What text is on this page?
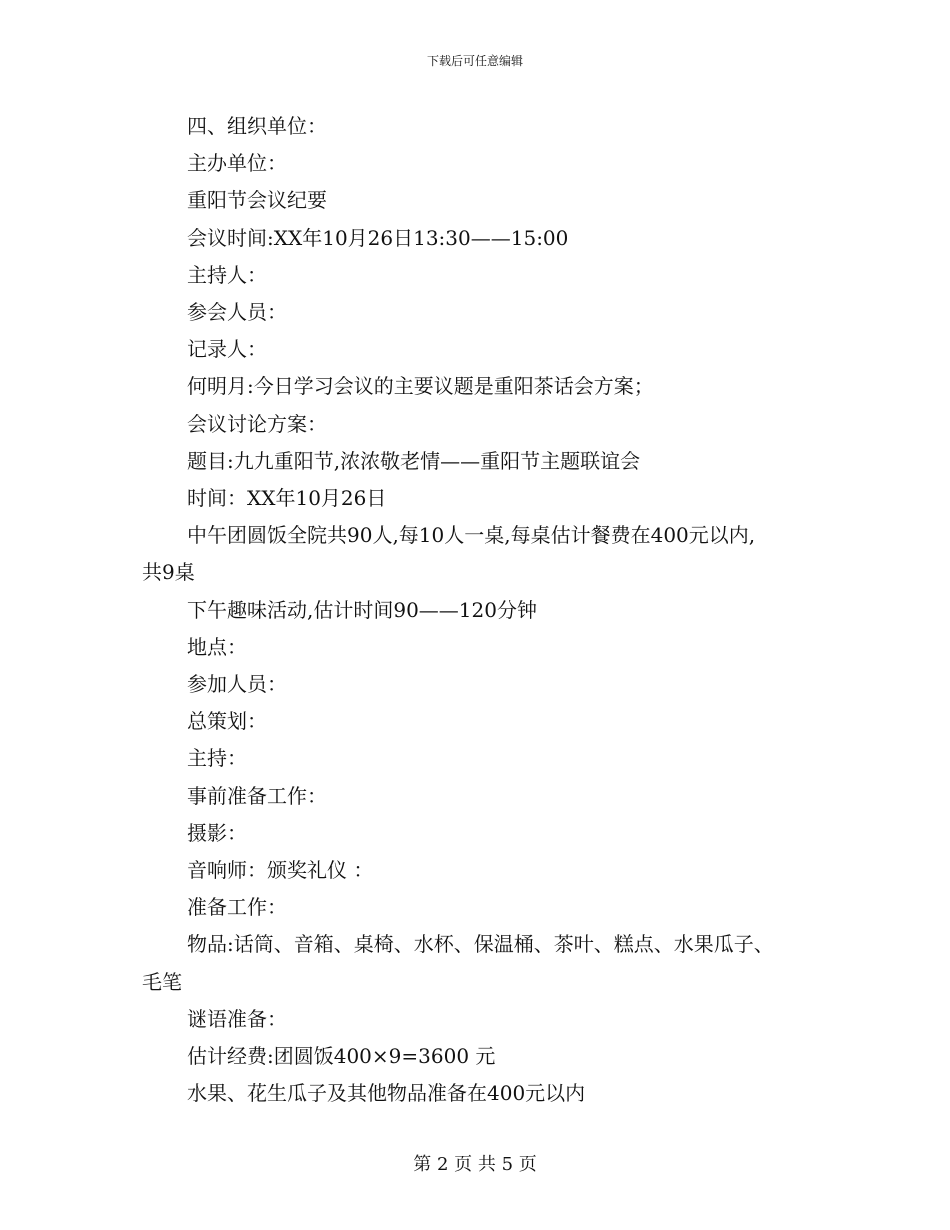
下载后可任意编辑

四、组织单位：

主办单位：

重阳节会议纪要

会议时间:XX年10月26日13:30——15:00

主持人：

参会人员：

记录人：

何明月:今日学习会议的主要议题是重阳茶话会方案；

会议讨论方案：

题目:九九重阳节,浓浓敬老情——重阳节主题联谊会

时间：XX年10月26日

中午团圆饭全院共90人,每10人一桌,每桌估计餐费在400元以内,

共9桌

下午趣味活动,估计时间90——120分钟

地点：

参加人员：

总策划：

主持：

事前准备工作：

摄影：

音响师：颁奖礼仪 ：

准备工作：

物品:话筒、音箱、桌椅、水杯、保温桶、茶叶、糕点、水果瓜子、

毛笔

谜语准备：

估计经费:团圆饭400×9=3600 元

水果、花生瓜子及其他物品准备在400元以内

第 2 页 共 5 页
